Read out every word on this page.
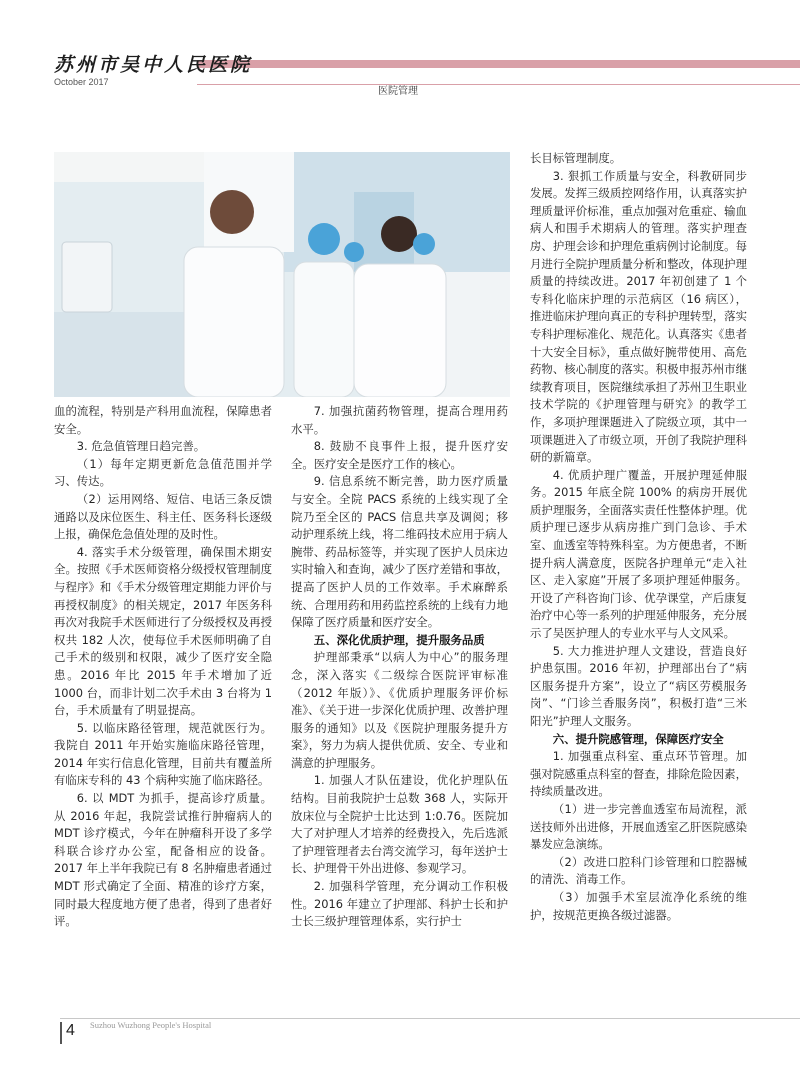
苏州市吴中人民医院
October 2017
医院管理

血的流程，特别是产科用血流程，保障患者安全。

3. 危急值管理日趋完善。

（1）每年定期更新危急值范围并学习、传达。

（2）运用网络、短信、电话三条反馈通路以及床位医生、科主任、医务科长逐级上报，确保危急值处理的及时性。

4. 落实手术分级管理，确保围术期安全。按照《手术医师资格分级授权管理制度与程序》和《手术分级管理定期能力评价与再授权制度》的相关规定，2017 年医务科再次对我院手术医师进行了分级授权及再授权共 182 人次，使每位手术医师明确了自己手术的级别和权限，减少了医疗安全隐患。2016 年比 2015 年手术增加了近 1000 台，而非计划二次手术由 3 台将为 1 台，手术质量有了明显提高。

5. 以临床路径管理，规范就医行为。我院自 2011 年开始实施临床路径管理，2014 年实行信息化管理，目前共有覆盖所有临床专科的 43 个病种实施了临床路径。

6. 以 MDT 为抓手，提高诊疗质量。从 2016 年起，我院尝试推行肿瘤病人的 MDT 诊疗模式，今年在肿瘤科开设了多学科联合诊疗办公室，配备相应的设备。2017 年上半年我院已有 8 名肿瘤患者通过 MDT 形式确定了全面、精准的诊疗方案，同时最大程度地方便了患者，得到了患者好评。

7. 加强抗菌药物管理，提高合理用药水平。

8. 鼓励不良事件上报，提升医疗安全。医疗安全是医疗工作的核心。

9. 信息系统不断完善，助力医疗质量与安全。全院 PACS 系统的上线实现了全院乃至全区的 PACS 信息共享及调阅；移动护理系统上线，将二维码技术应用于病人腕带、药品标签等，并实现了医护人员床边实时输入和查询，减少了医疗差错和事故，提高了医护人员的工作效率。手术麻醉系统、合理用药和用药监控系统的上线有力地保障了医疗质量和医疗安全。

五、深化优质护理，提升服务品质

护理部秉承“以病人为中心”的服务理念，深入落实《二级综合医院评审标准（2012 年版）》、《优质护理服务评价标准》、《关于进一步深化优质护理、改善护理服务的通知》以及《医院护理服务提升方案》，努力为病人提供优质、安全、专业和满意的护理服务。

1. 加强人才队伍建设，优化护理队伍结构。目前我院护士总数 368 人，实际开放床位与全院护士比达到 1:0.76。医院加大了对护理人才培养的经费投入，先后选派了护理管理者去台湾交流学习，每年送护士长、护理骨干外出进修、参观学习。

2. 加强科学管理，充分调动工作积极性。2016 年建立了护理部、科护士长和护士长三级护理管理体系，实行护士

长目标管理制度。

3. 狠抓工作质量与安全，科教研同步发展。发挥三级质控网络作用，认真落实护理质量评价标准，重点加强对危重症、输血病人和围手术期病人的管理。落实护理查房、护理会诊和护理危重病例讨论制度。每月进行全院护理质量分析和整改，体现护理质量的持续改进。2017 年初创建了 1 个专科化临床护理的示范病区（16 病区），推进临床护理向真正的专科护理转型，落实专科护理标准化、规范化。认真落实《患者十大安全目标》，重点做好腕带使用、高危药物、核心制度的落实。积极申报苏州市继续教育项目，医院继续承担了苏州卫生职业技术学院的《护理管理与研究》的教学工作，多项护理课题进入了院级立项，其中一项课题进入了市级立项，开创了我院护理科研的新篇章。

4. 优质护理广覆盖，开展护理延伸服务。2015 年底全院 100% 的病房开展优质护理服务，全面落实责任性整体护理。优质护理已逐步从病房推广到门急诊、手术室、血透室等特殊科室。为方便患者，不断提升病人满意度，医院各护理单元“走入社区、走入家庭”开展了多项护理延伸服务。开设了产科咨询门诊、优孕课堂，产后康复治疗中心等一系列的护理延伸服务，充分展示了吴医护理人的专业水平与人文风采。

5. 大力推进护理人文建设，营造良好护患氛围。2016 年初，护理部出台了“病区服务提升方案”，设立了“病区劳模服务岗”、“门诊兰香服务岗”，积极打造“三米阳光”护理人文服务。

六、提升院感管理，保障医疗安全

1. 加强重点科室、重点环节管理。加强对院感重点科室的督查，排除危险因素，持续质量改进。

（1）进一步完善血透室布局流程，派送技师外出进修，开展血透室乙肝医院感染暴发应急演练。

（2）改进口腔科门诊管理和口腔器械的清洗、消毒工作。

（3）加强手术室层流净化系统的维护，按规范更换各级过滤器。

4	Suzhou Wuzhong People's Hospital
